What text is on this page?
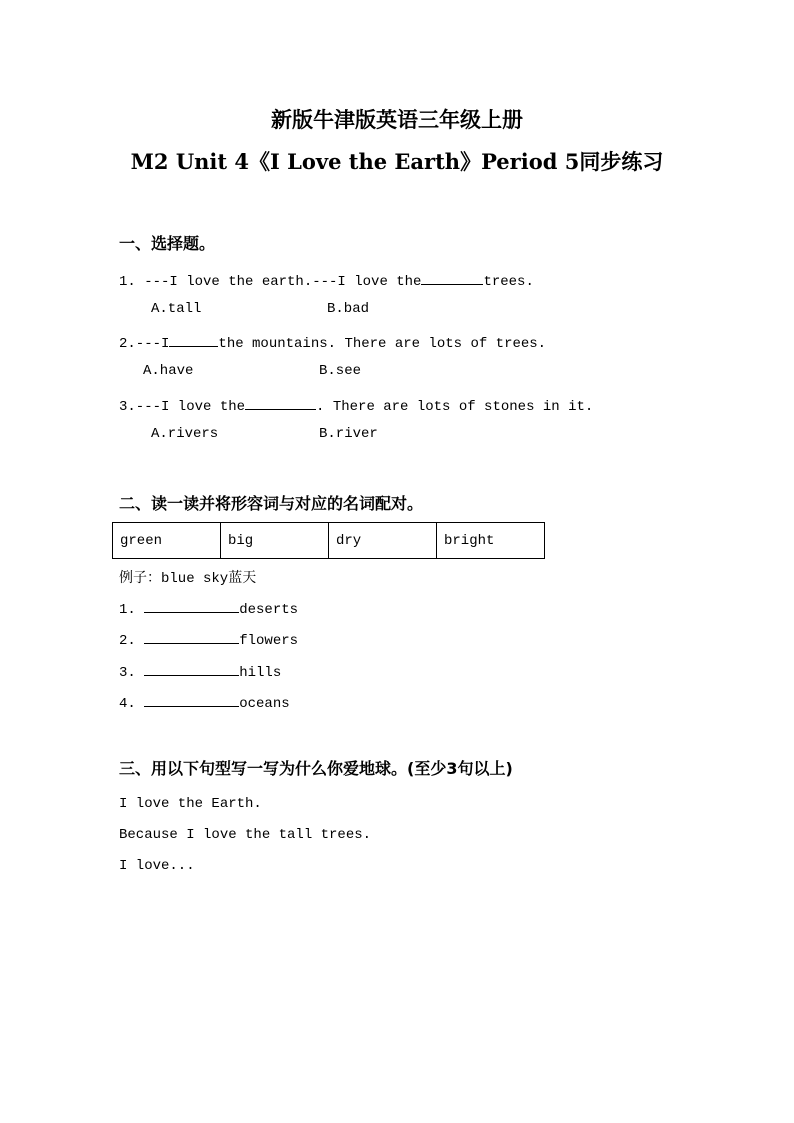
新版牛津版英语三年级上册
M2 Unit 4《I Love the Earth》Period 5同步练习
一、选择题。
1. ---I love the earth.---I love the	trees.
A.tall	B.bad
2.---I	the mountains. There are lots of trees.
A.have	B.see
3.---I love the	. There are lots of stones in it.
A.rivers	B.river
二、读一读并将形容词与对应的名词配对。
green	big	dry	bright
例子：blue sky蓝天
1.	deserts
2.	flowers
3.	hills
4.	oceans
三、用以下句型写一写为什么你爱地球。(至少3句以上)
I love the Earth.
Because I love the tall trees.
I love...
